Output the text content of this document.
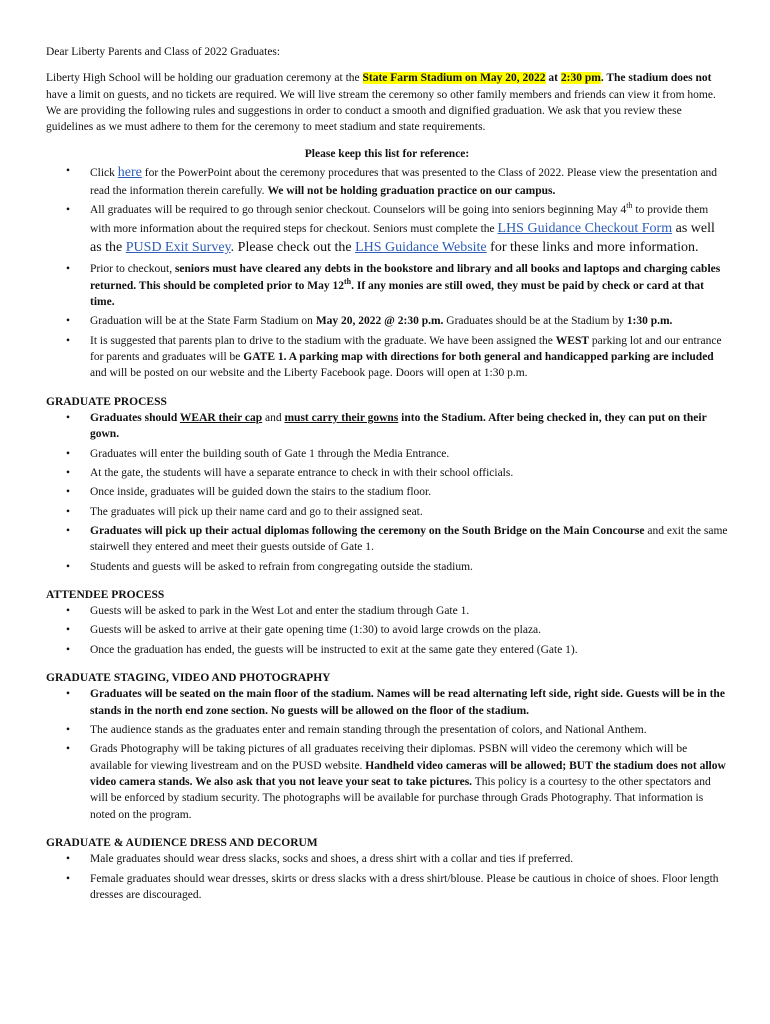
Dear Liberty Parents and Class of 2022 Graduates:

Liberty High School will be holding our graduation ceremony at the State Farm Stadium on May 20, 2022 at 2:30 pm. The stadium does not have a limit on guests, and no tickets are required. We will live stream the ceremony so other family members and friends can view it from home. We are providing the following rules and suggestions in order to conduct a smooth and dignified graduation. We ask that you review these guidelines as we must adhere to them for the ceremony to meet stadium and state requirements.

Please keep this list for reference:

• Click here for the PowerPoint about the ceremony procedures that was presented to the Class of 2022. Please view the presentation and read the information therein carefully. We will not be holding graduation practice on our campus.
• All graduates will be required to go through senior checkout. Counselors will be going into seniors beginning May 4th to provide them with more information about the required steps for checkout. Seniors must complete the LHS Guidance Checkout Form as well as the PUSD Exit Survey. Please check out the LHS Guidance Website for these links and more information.
• Prior to checkout, seniors must have cleared any debts in the bookstore and library and all books and laptops and charging cables returned. This should be completed prior to May 12th. If any monies are still owed, they must be paid by check or card at that time.
• Graduation will be at the State Farm Stadium on May 20, 2022 @ 2:30 p.m. Graduates should be at the Stadium by 1:30 p.m.
• It is suggested that parents plan to drive to the stadium with the graduate. We have been assigned the WEST parking lot and our entrance for parents and graduates will be GATE 1. A parking map with directions for both general and handicapped parking are included and will be posted on our website and the Liberty Facebook page. Doors will open at 1:30 p.m.

GRADUATE PROCESS

• Graduates should WEAR their cap and must carry their gowns into the Stadium. After being checked in, they can put on their gown.
• Graduates will enter the building south of Gate 1 through the Media Entrance.
• At the gate, the students will have a separate entrance to check in with their school officials.
• Once inside, graduates will be guided down the stairs to the stadium floor.
• The graduates will pick up their name card and go to their assigned seat.
• Graduates will pick up their actual diplomas following the ceremony on the South Bridge on the Main Concourse and exit the same stairwell they entered and meet their guests outside of Gate 1.
• Students and guests will be asked to refrain from congregating outside the stadium.

ATTENDEE PROCESS

• Guests will be asked to park in the West Lot and enter the stadium through Gate 1.
• Guests will be asked to arrive at their gate opening time (1:30) to avoid large crowds on the plaza.
• Once the graduation has ended, the guests will be instructed to exit at the same gate they entered (Gate 1).

GRADUATE STAGING, VIDEO AND PHOTOGRAPHY

• Graduates will be seated on the main floor of the stadium. Names will be read alternating left side, right side. Guests will be in the stands in the north end zone section. No guests will be allowed on the floor of the stadium.
• The audience stands as the graduates enter and remain standing through the presentation of colors, and National Anthem.
• Grads Photography will be taking pictures of all graduates receiving their diplomas. PSBN will video the ceremony which will be available for viewing livestream and on the PUSD website. Handheld video cameras will be allowed; BUT the stadium does not allow video camera stands. We also ask that you not leave your seat to take pictures. This policy is a courtesy to the other spectators and will be enforced by stadium security. The photographs will be available for purchase through Grads Photography. That information is noted on the program.

GRADUATE & AUDIENCE DRESS AND DECORUM

• Male graduates should wear dress slacks, socks and shoes, a dress shirt with a collar and ties if preferred.
• Female graduates should wear dresses, skirts or dress slacks with a dress shirt/blouse. Please be cautious in choice of shoes. Floor length dresses are discouraged.
